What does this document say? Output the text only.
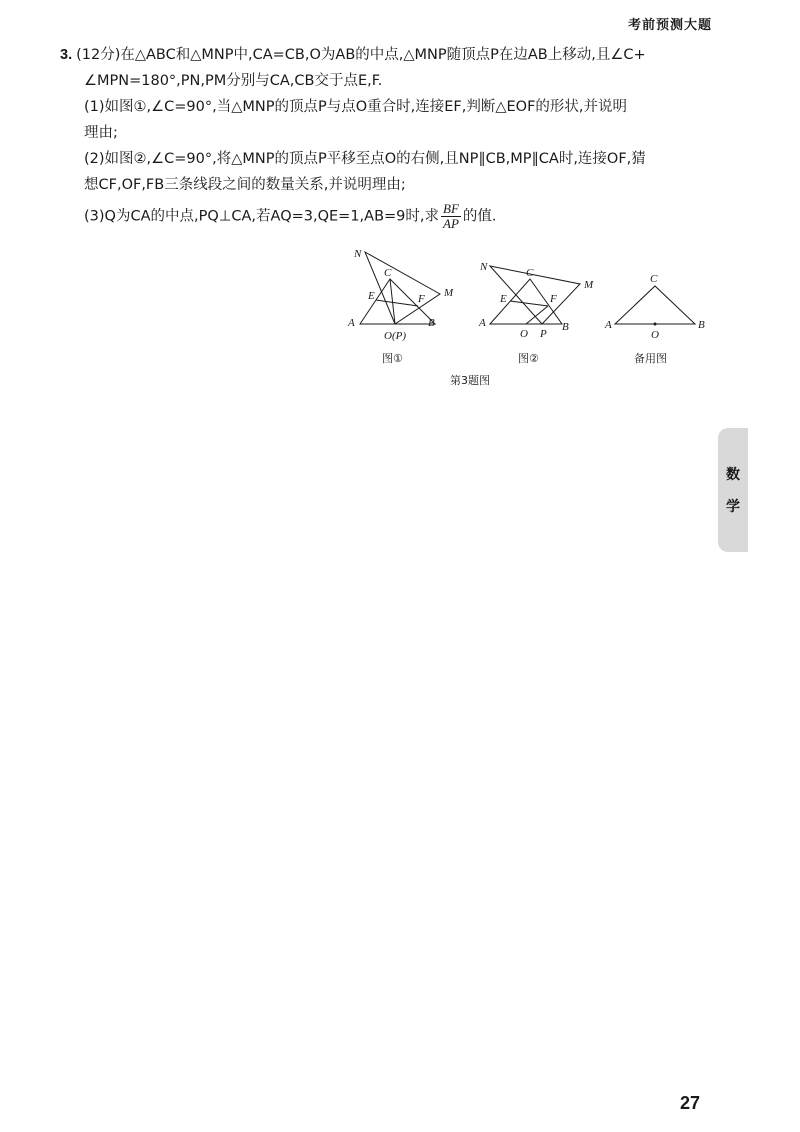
考前预测大题
3. (12分)在△ABC和△MNP中,CA=CB,O为AB的中点,△MNP随顶点P在边AB上移动,且∠C+
∠MPN=180°,PN,PM分别与CA,CB交于点E,F.
(1)如图①,∠C=90°,当△MNP的顶点P与点O重合时,连接EF,判断△EOF的形状,并说明
理由;
(2)如图②,∠C=90°,将△MNP的顶点P平移至点O的右侧,且NP∥CB,MP∥CA时,连接OF,猜
想CF,OF,FB三条线段之间的数量关系,并说明理由;
(3)Q为CA的中点,PQ⊥CA,若AQ=3,QE=1,AB=9时,求 $\frac{BF}{AP}$ 的值.
N
C
E	F M
A	B
O(P)
图①
N	C
E	F
M
A	B
O P
图②
C
A	B
O
备用图
第3题图
数
学
27
